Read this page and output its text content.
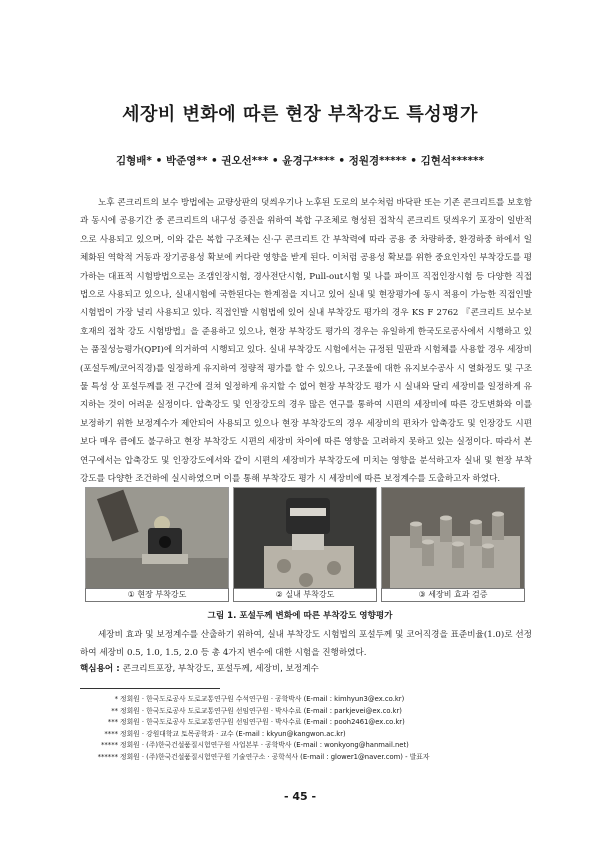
세장비 변화에 따른 현장 부착강도 특성평가
김형배* • 박준영** • 권오선*** • 윤경구**** • 정원경***** • 김현석******

노후 콘크리트의 보수 방법에는 교량상판의 덧씌우기나 노후된 도로의 보수처럼 바닥판 또는 기존 콘크리트를 보호함과 동시에 공용기간 중 콘크리트의 내구성 증진을 위하여 복합 구조체로 형성된 접착식 콘크리트 덧씌우기 포장이 일반적으로 사용되고 있으며, 이와 같은 복합 구조체는 신·구 콘크리트 간 부착력에 따라 공용 중 차량하중, 환경하중 하에서 일체화된 역학적 거동과 장기공용성 확보에 커다란 영향을 받게 된다. 이처럼 공용성 확보를 위한 중요인자인 부착강도를 평가하는 대표적 시험방법으로는 조갬인장시험, 경사전단시험, Pull-out시험 및 나를 파이프 직접인장시험 등 다양한 직접법으로 사용되고 있으나, 실내시험에 국한된다는 한계점을 지니고 있어 실내 및 현장평가에 동시 적용이 가능한 직접인발 시험법이 가장 널리 사용되고 있다. 직접인발 시험법에 있어 실내 부착강도 평가의 경우 KS F 2762 『콘크리트 보수보호재의 접착 강도 시험방법』을 준용하고 있으나, 현장 부착강도 평가의 경우는 유일하게 한국도로공사에서 시행하고 있는 품질성능평가(QPI)에 의거하여 시행되고 있다. 실내 부착강도 시험에서는 규정된 밀판과 시험체를 사용할 경우 세장비(포설두께/코어직경)를 일정하게 유지하여 정량적 평가를 할 수 있으나, 구조물에 대한 유지보수공사 시 열화정도 및 구조물 특성 상 포설두께를 전 구간에 걸쳐 일정하게 유지할 수 없어 현장 부착강도 평가 시 실내와 달리 세장비를 일정하게 유지하는 것이 어려운 실정이다. 압축강도 및 인장강도의 경우 많은 연구를 통하여 시편의 세장비에 따른 강도변화와 이를 보정하기 위한 보정계수가 제안되어 사용되고 있으나 현장 부착강도의 경우 세장비의 편차가 압축강도 및 인장강도 시편보다 매우 큼에도 불구하고 현장 부착강도 시편의 세장비 차이에 따른 영향을 고려하지 못하고 있는 실정이다. 따라서 본 연구에서는 압축강도 및 인장강도에서와 같이 시편의 세장비가 부착강도에 미치는 영향을 분석하고자 실내 및 현장 부착강도를 다양한 조건하에 실시하였으며 이를 통해 부착강도 평가 시 세장비에 따른 보정계수를 도출하고자 하였다.

① 현장 부착강도	② 실내 부착강도	③ 세장비 효과 검증
그림 1. 포설두께 변화에 따른 부착강도 영향평가

세장비 효과 및 보정계수를 산출하기 위하여, 실내 부착강도 시험법의 포설두께 및 코어직경을 표준비율(1.0)로 선정하여 세장비 0.5, 1.0, 1.5, 2.0 등 총 4가지 변수에 대한 시험을 진행하였다.

핵심용어 : 콘크리트포장, 부착강도, 포설두께, 세장비, 보정계수
* 정회원 · 한국도로공사 도로교통연구원 수석연구원 · 공학박사 (E-mail : kimhyun3@ex.co.kr)
** 정회원 · 한국도로공사 도로교통연구원 선임연구원 · 박사수료 (E-mail : parkjevei@ex.co.kr)
*** 정회원 · 한국도로공사 도로교통연구원 선임연구원 · 박사수료 (E-mail : pooh2461@ex.co.kr)
**** 정회원 · 강원대학교 토목공학과 · 교수 (E-mail : kkyun@kangwon.ac.kr)
***** 정회원 · (주)한국건설품질시험연구원 사업본부 · 공학박사 (E-mail : wonkyong@hanmail.net)
****** 정회원 · (주)한국건설품질시험연구원 기술연구소 · 공학석사 (E-mail : glower1@naver.com) - 발표자
- 45 -
